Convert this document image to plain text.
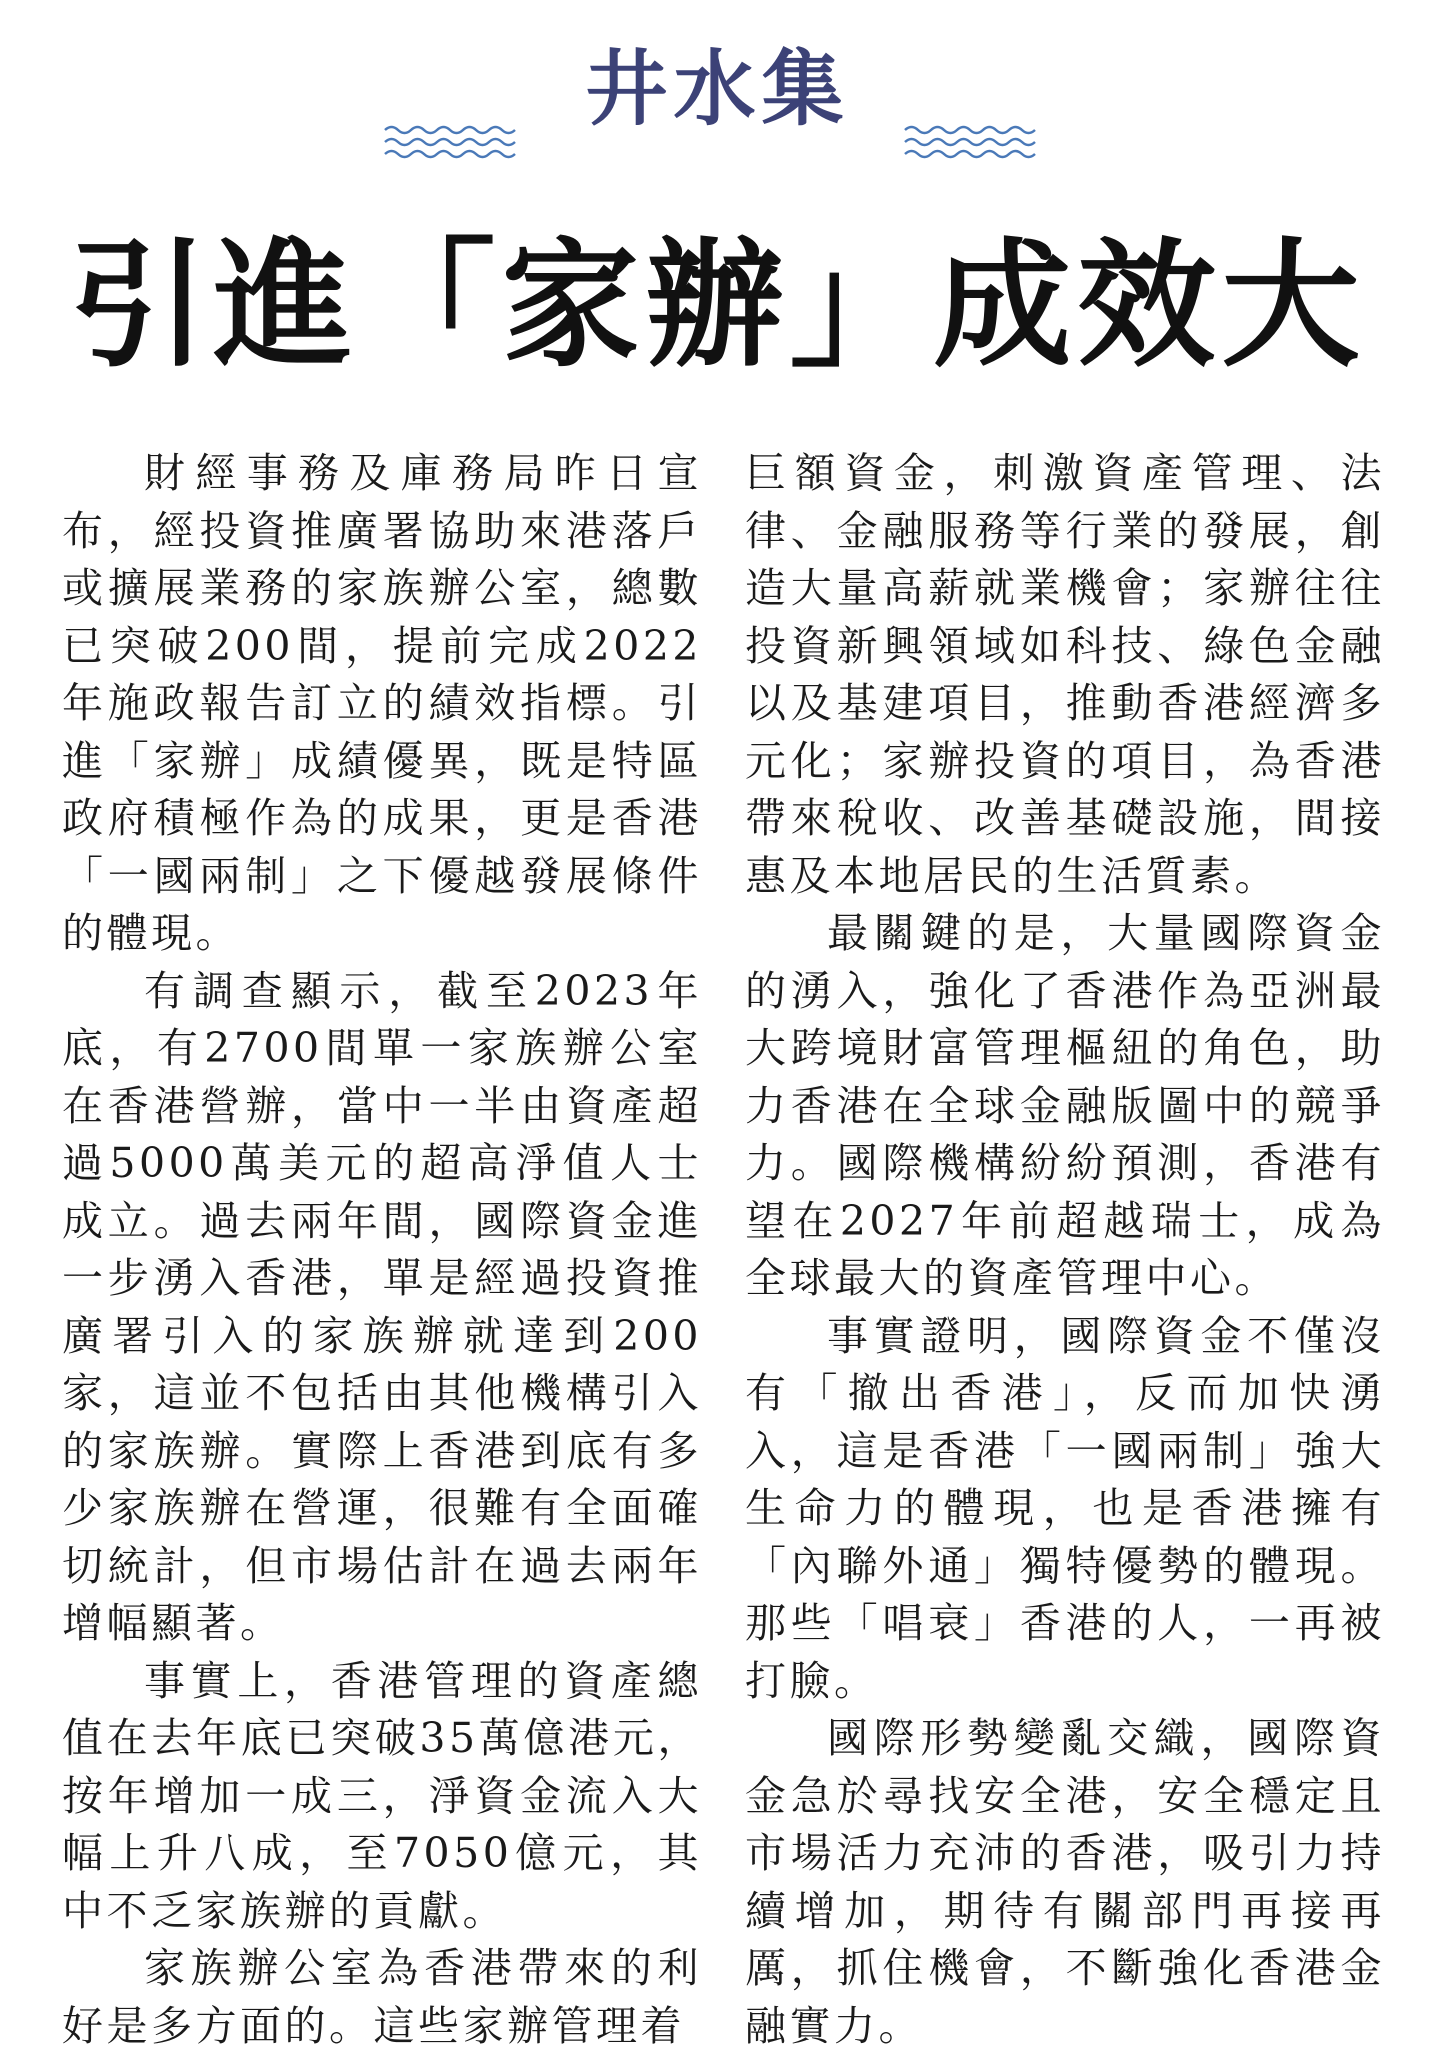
井水集
引進「家辦」成效大

財經事務及庫務局昨日宣布，經投資推廣署協助來港落戶或擴展業務的家族辦公室，總數已突破200間，提前完成2022年施政報告訂立的績效指標。引進「家辦」成績優異，既是特區政府積極作為的成果，更是香港「一國兩制」之下優越發展條件的體現。

有調查顯示，截至2023年底，有2700間單一家族辦公室在香港營辦，當中一半由資產超過5000萬美元的超高淨值人士成立。過去兩年間，國際資金進一步湧入香港，單是經過投資推廣署引入的家族辦就達到200家，這並不包括由其他機構引入的家族辦。實際上香港到底有多少家族辦在營運，很難有全面確切統計，但市場估計在過去兩年增幅顯著。

事實上，香港管理的資產總值在去年底已突破35萬億港元，按年增加一成三，淨資金流入大幅上升八成，至7050億元，其中不乏家族辦的貢獻。

家族辦公室為香港帶來的利好是多方面的。這些家辦管理着

巨額資金，刺激資產管理、法律、金融服務等行業的發展，創造大量高薪就業機會；家辦往往投資新興領域如科技、綠色金融以及基建項目，推動香港經濟多元化；家辦投資的項目，為香港帶來稅收、改善基礎設施，間接惠及本地居民的生活質素。

最關鍵的是，大量國際資金的湧入，強化了香港作為亞洲最大跨境財富管理樞紐的角色，助力香港在全球金融版圖中的競爭力。國際機構紛紛預測，香港有望在2027年前超越瑞士，成為全球最大的資產管理中心。

事實證明，國際資金不僅沒有「撤出香港」，反而加快湧入，這是香港「一國兩制」強大生命力的體現，也是香港擁有「內聯外通」獨特優勢的體現。那些「唱衰」香港的人，一再被打臉。

國際形勢變亂交織，國際資金急於尋找安全港，安全穩定且市場活力充沛的香港，吸引力持續增加，期待有關部門再接再厲，抓住機會，不斷強化香港金融實力。
